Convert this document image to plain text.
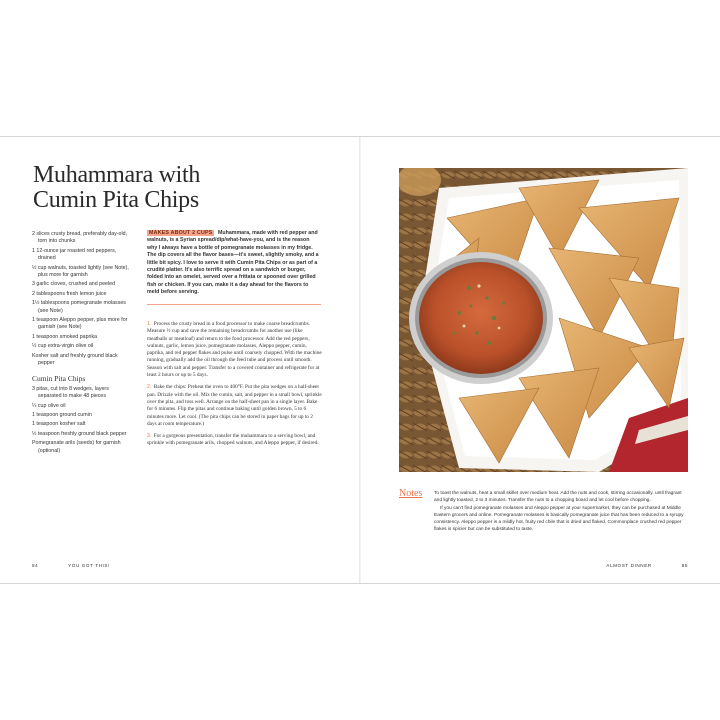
Muhammara with
Cumin Pita Chips
2 slices crusty bread, preferably day-old, torn into chunks
1 12-ounce jar roasted red peppers, drained
½ cup walnuts, toasted lightly (see Note), plus more for garnish
3 garlic cloves, crushed and peeled
2 tablespoons fresh lemon juice
1½ tablespoons pomegranate molasses (see Note)
1 teaspoon Aleppo pepper, plus more for garnish (see Note)
1 teaspoon smoked paprika
½ cup extra-virgin olive oil
Kosher salt and freshly ground black pepper
Cumin Pita Chips
3 pitas, cut into 8 wedges, layers separated to make 48 pieces
¼ cup olive oil
1 teaspoon ground cumin
1 teaspoon kosher salt
½ teaspoon freshly ground black pepper
Pomegranate arils (seeds) for garnish (optional)
MAKES ABOUT 2 CUPS Muhammara, made with red pepper and walnuts, is a Syrian spread/dip/what-have-you, and is the reason why I always have a bottle of pomegranate molasses in my fridge. The dip covers all the flavor bases—it's sweet, slightly smoky, and a little bit spicy. I love to serve it with Cumin Pita Chips or as part of a crudité platter. It's also terrific spread on a sandwich or burger, folded into an omelet, served over a frittata or spooned over grilled fish or chicken. If you can, make it a day ahead for the flavors to meld before serving.

1. Process the crusty bread in a food processor to make coarse breadcrumbs. Measure ½ cup and save the remaining breadcrumbs for another use (like meatballs or meatloaf) and return to the food processor. Add the red peppers, walnuts, garlic, lemon juice, pomegranate molasses, Aleppo pepper, cumin, paprika, and red pepper flakes and pulse until coarsely chopped. With the machine running, gradually add the oil through the feed tube and process until smooth. Season with salt and pepper. Transfer to a covered container and refrigerate for at least 2 hours or up to 5 days.

2. Bake the chips: Preheat the oven to 400°F. Put the pita wedges on a half-sheet pan. Drizzle with the oil. Mix the cumin, salt, and pepper in a small bowl, sprinkle over the pita, and toss well. Arrange on the half-sheet pan in a single layer. Bake for 6 minutes. Flip the pitas and continue baking until golden brown, 5 to 6 minutes more. Let cool. (The pita chips can be stored in paper bags for up to 2 days at room temperature.)

3. For a gorgeous presentation, transfer the muhammara to a serving bowl, and sprinkle with pomegranate arils, chopped walnuts, and Aleppo pepper, if desired.

84	YOU GOT THIS!
Notes To toast the walnuts, heat a small skillet over medium heat. Add the nuts and cook, stirring occasionally, until fragrant and lightly toasted, 2 to 3 minutes. Transfer the nuts to a chopping board and let cool before chopping.

If you can't find pomegranate molasses and Aleppo pepper at your supermarket, they can be purchased at Middle Eastern grocers and online. Pomegranate molasses is basically pomegranate juice that has been reduced to a syrupy consistency. Aleppo pepper is a mildly hot, fruity red chile that is dried and flaked. Commonplace crushed red pepper flakes is spicier but can be substituted to taste.

ALMOST DINNER	85
